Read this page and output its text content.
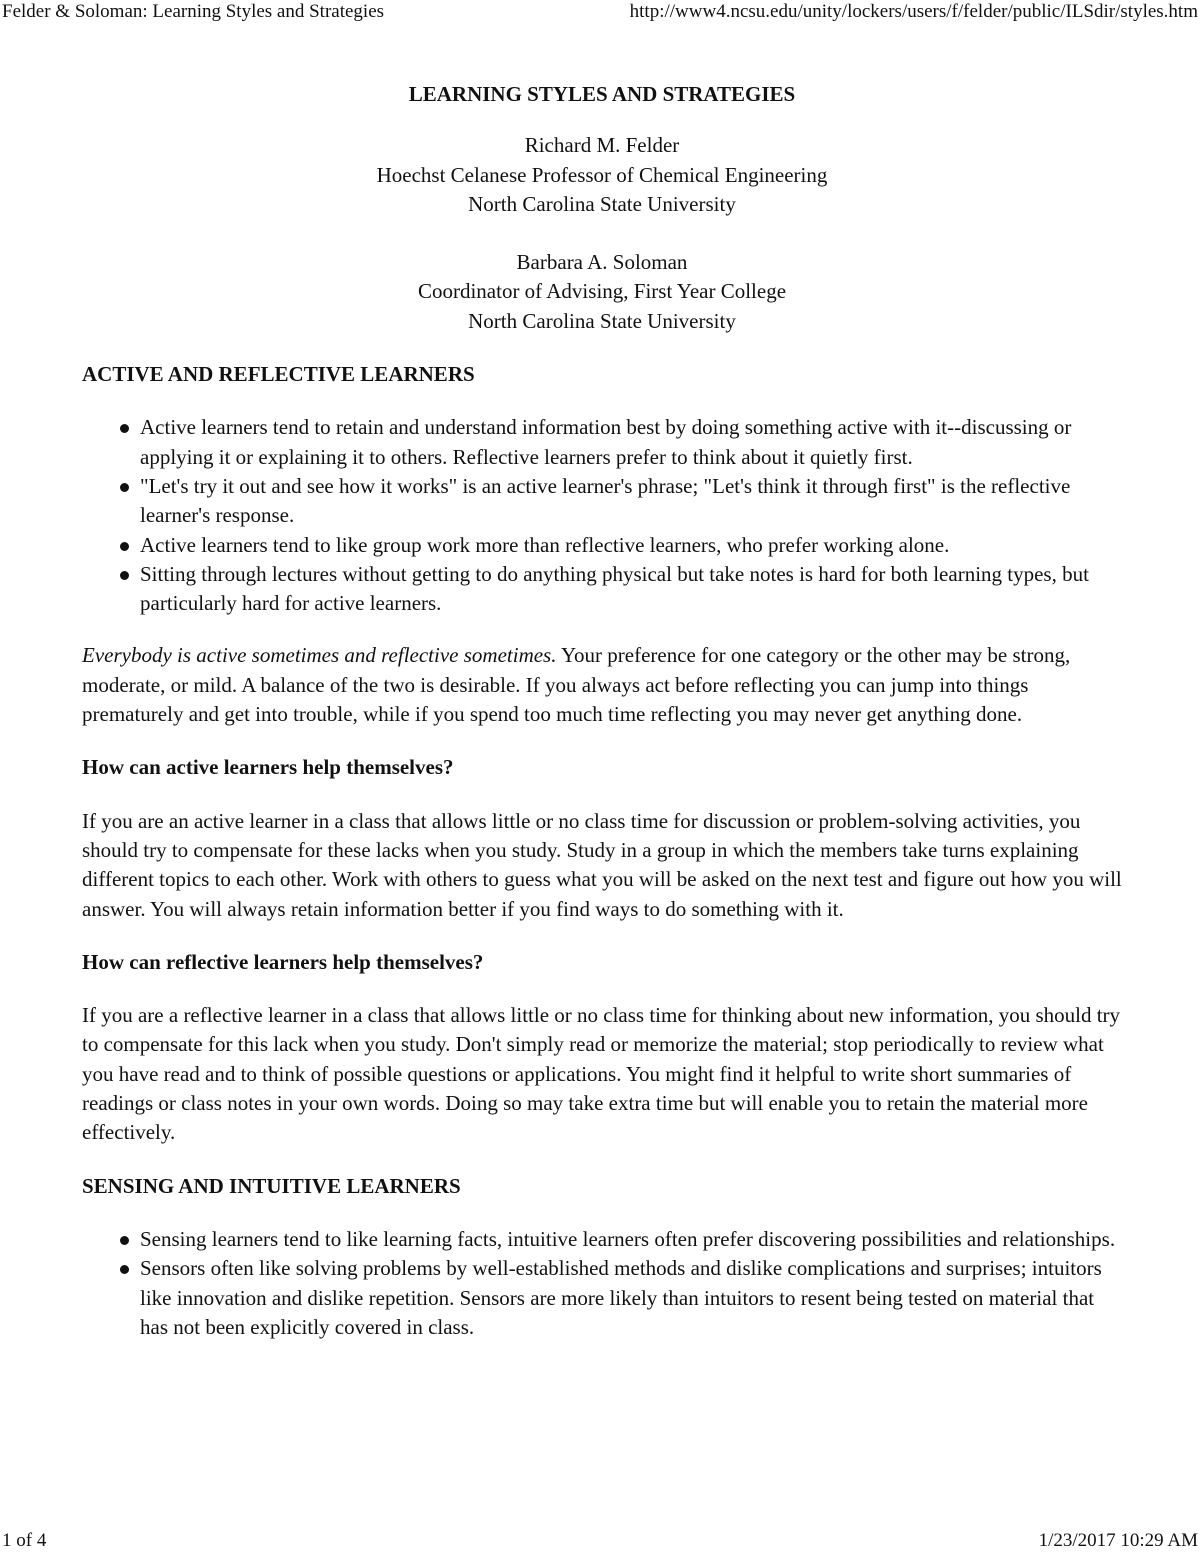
Felder & Soloman: Learning Styles and Strategies	http://www4.ncsu.edu/unity/lockers/users/f/felder/public/ILSdir/styles.htm
LEARNING STYLES AND STRATEGIES
Richard M. Felder
Hoechst Celanese Professor of Chemical Engineering
North Carolina State University
Barbara A. Soloman
Coordinator of Advising, First Year College
North Carolina State University
ACTIVE AND REFLECTIVE LEARNERS
Active learners tend to retain and understand information best by doing something active with it--discussing or applying it or explaining it to others. Reflective learners prefer to think about it quietly first.
"Let's try it out and see how it works" is an active learner's phrase; "Let's think it through first" is the reflective learner's response.
Active learners tend to like group work more than reflective learners, who prefer working alone.
Sitting through lectures without getting to do anything physical but take notes is hard for both learning types, but particularly hard for active learners.

Everybody is active sometimes and reflective sometimes. Your preference for one category or the other may be strong, moderate, or mild. A balance of the two is desirable. If you always act before reflecting you can jump into things prematurely and get into trouble, while if you spend too much time reflecting you may never get anything done.

How can active learners help themselves?

If you are an active learner in a class that allows little or no class time for discussion or problem-solving activities, you should try to compensate for these lacks when you study. Study in a group in which the members take turns explaining different topics to each other. Work with others to guess what you will be asked on the next test and figure out how you will answer. You will always retain information better if you find ways to do something with it.

How can reflective learners help themselves?

If you are a reflective learner in a class that allows little or no class time for thinking about new information, you should try to compensate for this lack when you study. Don't simply read or memorize the material; stop periodically to review what you have read and to think of possible questions or applications. You might find it helpful to write short summaries of readings or class notes in your own words. Doing so may take extra time but will enable you to retain the material more effectively.

SENSING AND INTUITIVE LEARNERS
Sensing learners tend to like learning facts, intuitive learners often prefer discovering possibilities and relationships.
Sensors often like solving problems by well-established methods and dislike complications and surprises; intuitors like innovation and dislike repetition. Sensors are more likely than intuitors to resent being tested on material that has not been explicitly covered in class.
1 of 4	1/23/2017 10:29 AM
